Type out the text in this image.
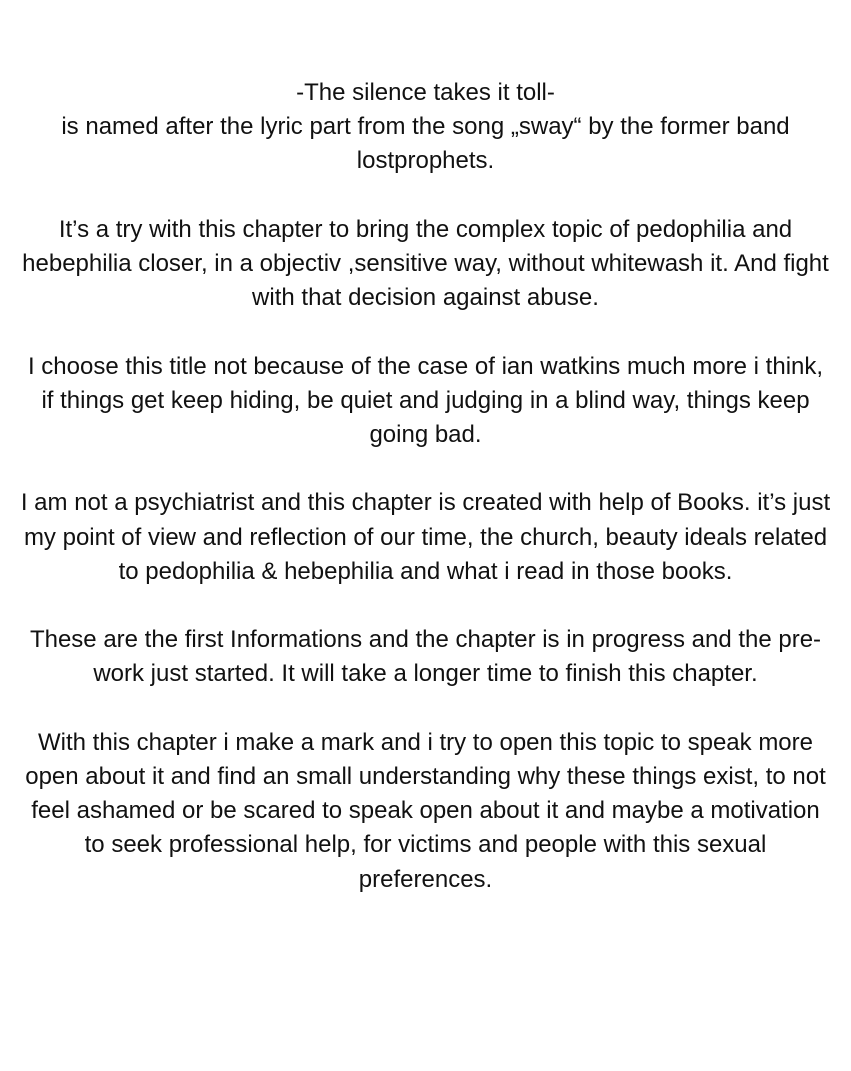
-The silence takes it toll-
is named after the lyric part from the song „sway“ by the former band lostprophets.

It’s a try with this chapter to bring the complex topic of pedophilia and hebephilia closer, in a objectiv ,sensitive way, without whitewash it. And fight with that decision against abuse.

I choose this title not because of the case of ian watkins much more i think, if things get keep hiding, be quiet and judging in a blind way, things keep going bad.

I am not a psychiatrist and this chapter is created with help of Books. it’s just my point of view and reflection of our time, the church, beauty ideals related to pedophilia & hebephilia and what i read in those books.

These are the first Informations and the chapter is in progress and the pre-work just started. It will take a longer time to finish this chapter.

With this chapter i make a mark and i try to open this topic to speak more open about it and find an small understanding why these things exist, to not feel ashamed or be scared to speak open about it and maybe a motivation to seek professional help, for victims and people with this sexual preferences.
